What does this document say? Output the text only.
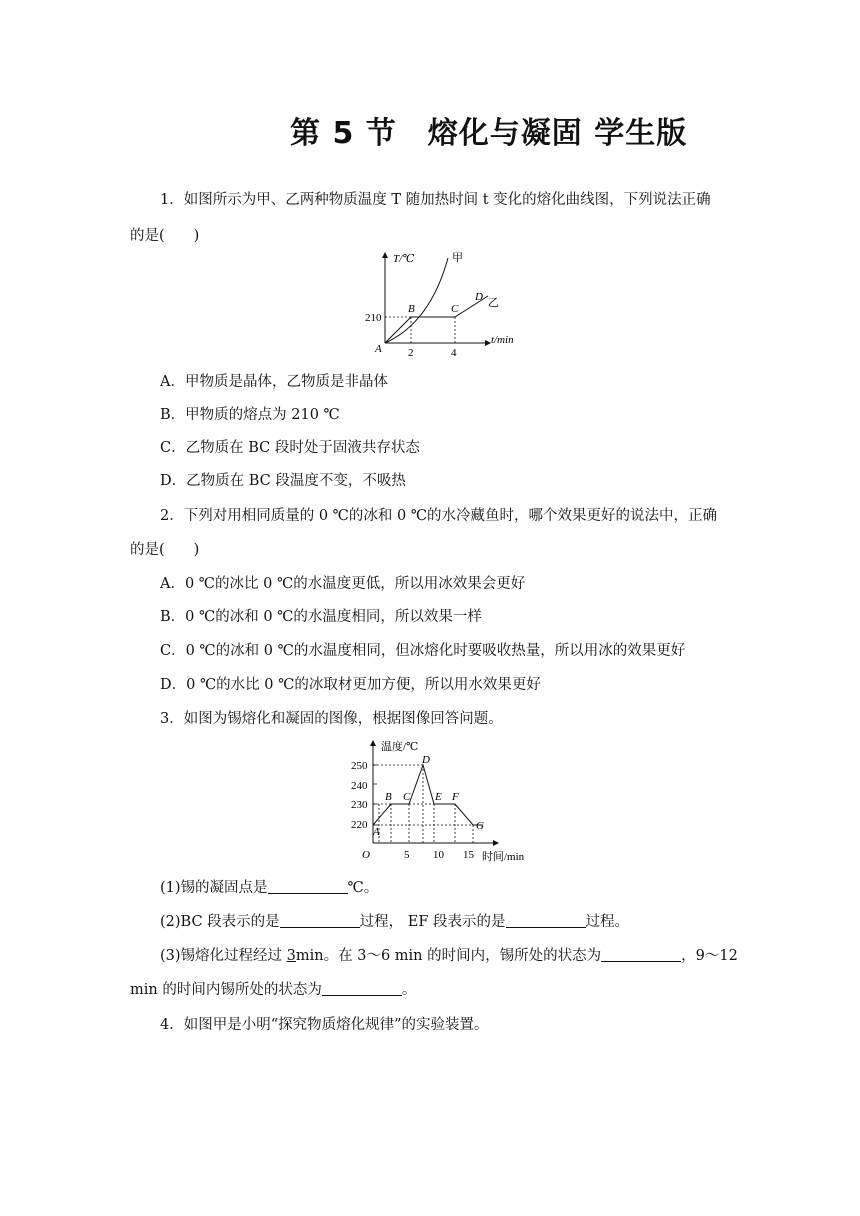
第 5 节　熔化与凝固 学生版
1．如图所示为甲、乙两种物质温度 T 随加热时间 t 变化的熔化曲线图，下列说法正确
的是(　　)
T/℃
t/min
210
2	4
A
B	C
D
甲
乙
A．甲物质是晶体，乙物质是非晶体
B．甲物质的熔点为 210 ℃
C．乙物质在 BC 段时处于固液共存状态
D．乙物质在 BC 段温度不变，不吸热
2．下列对用相同质量的 0 ℃的冰和 0 ℃的水冷藏鱼时，哪个效果更好的说法中，正确
的是(　　)
A．0 ℃的冰比 0 ℃的水温度更低，所以用冰效果会更好
B．0 ℃的冰和 0 ℃的水温度相同，所以效果一样
C．0 ℃的冰和 0 ℃的水温度相同，但冰熔化时要吸收热量，所以用冰的效果更好
D．0 ℃的水比 0 ℃的冰取材更加方便，所以用水效果更好
3．如图为锡熔化和凝固的图像，根据图像回答问题。
温度/℃
时间/min
O
250
240
230
220
5 10 15
A
B C
D
E F
G
(1)锡的凝固点是	℃。
(2)BC 段表示的是	过程， EF 段表示的是	过程。
(3)锡熔化过程经过 3min。在 3～6 min 的时间内，锡所处的状态为	，9～12
min 的时间内锡所处的状态为	。
4．如图甲是小明“探究物质熔化规律”的实验装置。
